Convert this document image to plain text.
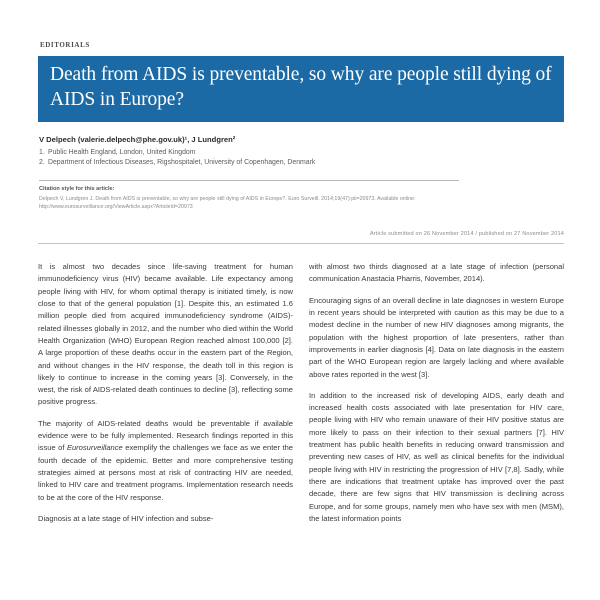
editorials
Death from AIDS is preventable, so why are people still dying of AIDS in Europe?

V Delpech (valerie.delpech@phe.gov.uk)¹, J Lundgren²

1. Public Health England, London, United Kingdom
2. Department of Infectious Diseases, Rigshospitalet, University of Copenhagen, Denmark

Citation style for this article:

Delpech V, Lundgren J. Death from AIDS is preventable, so why are people still dying of AIDS in Europe?. Euro Surveill. 2014;19(47):pii=20973. Available online:

http://www.eurosurveillance.org/ViewArticle.aspx?ArticleId=20973

Article submitted on 26 November 2014 / published on 27 November 2014

It is almost two decades since life-saving treatment for human immunodeficiency virus (HIV) became available. Life expectancy among people living with HIV, for whom optimal therapy is initiated timely, is now close to that of the general population [1]. Despite this, an estimated 1.6 million people died from acquired immunodeficiency syndrome (AIDS)-related illnesses globally in 2012, and the number who died within the World Health Organization (WHO) European Region reached almost 100,000 [2]. A large proportion of these deaths occur in the eastern part of the Region, and without changes in the HIV response, the death toll in this region is likely to continue to increase in the coming years [3]. Conversely, in the west, the risk of AIDS-related death continues to decline [3], reflecting some positive progress.

The majority of AIDS-related deaths would be preventable if available evidence were to be fully implemented. Research findings reported in this issue of Eurosurveillance exemplify the challenges we face as we enter the fourth decade of the epidemic. Better and more comprehensive testing strategies aimed at persons most at risk of contracting HIV are needed, linked to HIV care and treatment programs. Implementation research needs to be at the core of the HIV response.

Diagnosis at a late stage of HIV infection and subse-

with almost two thirds diagnosed at a late stage of infection (personal communication Anastacia Pharris, November, 2014).

Encouraging signs of an overall decline in late diagnoses in western Europe in recent years should be interpreted with caution as this may be due to a modest decline in the number of new HIV diagnoses among migrants, the population with the highest proportion of late presenters, rather than improvements in earlier diagnosis [4]. Data on late diagnosis in the eastern part of the WHO European region are largely lacking and where available above rates reported in the west [3].

In addition to the increased risk of developing AIDS, early death and increased health costs associated with late presentation for HIV care, people living with HIV who remain unaware of their HIV positive status are more likely to pass on their infection to their sexual partners [7]. HIV treatment has public health benefits in reducing onward transmission and preventing new cases of HIV, as well as clinical benefits for the individual people living with HIV in restricting the progression of HIV [7,8]. Sadly, while there are indications that treatment uptake has improved over the past decade, there are few signs that HIV transmission is declining across Europe, and for some groups, namely men who have sex with men (MSM), the latest information points
